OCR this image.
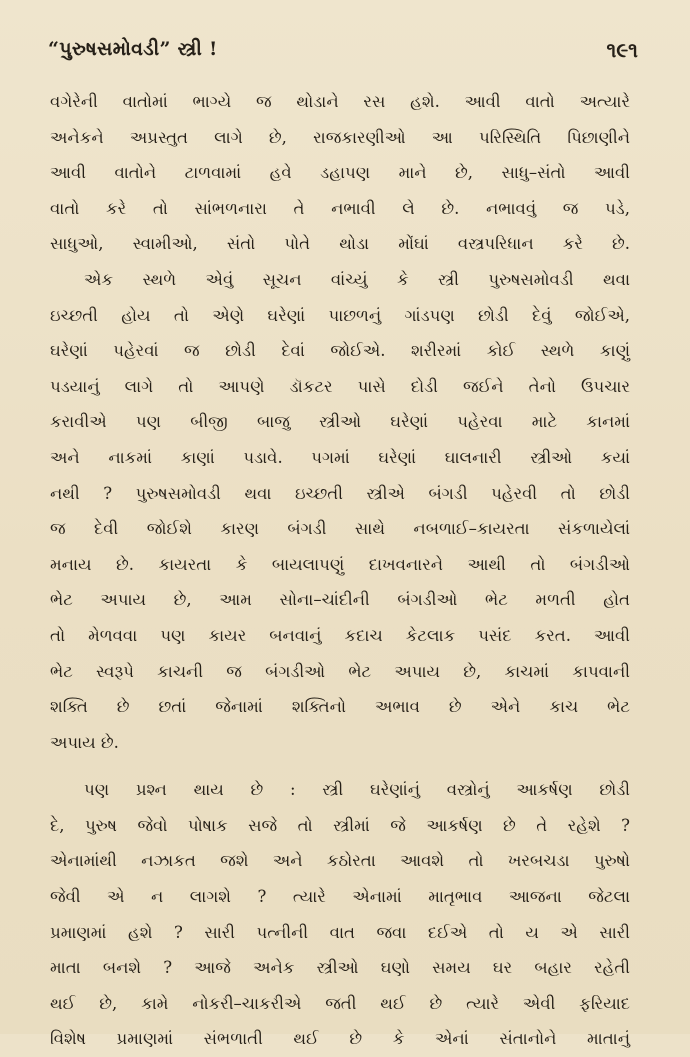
“પુરુષસમોવડી” સ્ત્રી !	૧૯૧
વગેરેની વાતોમાં ભાગ્યે જ થોડાને રસ હશે. આવી વાતો અત્યારે
અનેકને અપ્રસ્તુત લાગે છે, રાજકારણીઓ આ પરિસ્થિતિ પિછાણીને
આવી વાતોને ટાળવામાં હવે ડહાપણ માને છે, સાધુ–સંતો આવી
વાતો કરે તો સાંભળનારા તે નભાવી લે છે. નભાવવું જ પડે,
સાધુઓ, સ્વામીઓ, સંતો પોતે થોડા મોંઘાં વસ્ત્રપરિધાન કરે છે.
એક સ્થળે એવું સૂચન વાંચ્યું કે સ્ત્રી પુરુષસમોવડી થવા
ઇચ્છતી હોય તો એણે ઘરેણાં પાછળનું ગાંડપણ છોડી દેવું જોઈએ,
ઘરેણાં પહેરવાં જ છોડી દેવાં જોઈએ. શરીરમાં કોઈ સ્થળે કાણું
પડયાનું લાગે તો આપણે ડૉકટર પાસે દોડી જઈને તેનો ઉપચાર
કરાવીએ પણ બીજી બાજુ સ્ત્રીઓ ઘરેણાં પહેરવા માટે કાનમાં
અને નાકમાં કાણાં પડાવે. પગમાં ઘરેણાં ઘાલનારી સ્ત્રીઓ કયાં
નથી ? પુરુષસમોવડી થવા ઇચ્છતી સ્ત્રીએ બંગડી પહેરવી તો છોડી
જ દેવી જોઈશે કારણ બંગડી સાથે નબળાઈ–કાયરતા સંકળાયેલાં
મનાય છે. કાયરતા કે બાયલાપણું દાખવનારને આથી તો બંગડીઓ
ભેટ અપાય છે, આમ સોના–ચાંદીની બંગડીઓ ભેટ મળતી હોત
તો મેળવવા પણ કાયર બનવાનું કદાચ કેટલાક પસંદ કરત. આવી
ભેટ સ્વરૂપે કાચની જ બંગડીઓ ભેટ અપાય છે, કાચમાં કાપવાની
શક્તિ છે છતાં જેનામાં શક્તિનો અભાવ છે એને કાચ ભેટ
અપાય છે.
પણ પ્રશ્ન થાય છે : સ્ત્રી ઘરેણાંનું વસ્ત્રોનું આકર્ષણ છોડી
દે, પુરુષ જેવો પોષાક સજે તો સ્ત્રીમાં જે આકર્ષણ છે તે રહેશે ?
એનામાંથી નઝાકત જશે અને કઠોરતા આવશે તો ખરબચડા પુરુષો
જેવી એ ન લાગશે ? ત્યારે એનામાં માતૃભાવ આજના જેટલા
પ્રમાણમાં હશે ? સારી પત્નીની વાત જવા દઈએ તો ય એ સારી
માતા બનશે ? આજે અનેક સ્ત્રીઓ ઘણો સમય ઘર બહાર રહેતી
થઈ છે, કામે નોકરી–ચાકરીએ જતી થઈ છે ત્યારે એવી ફરિયાદ
વિશેષ પ્રમાણમાં સંભળાતી થઈ છે કે એનાં સંતાનોને માતાનું
